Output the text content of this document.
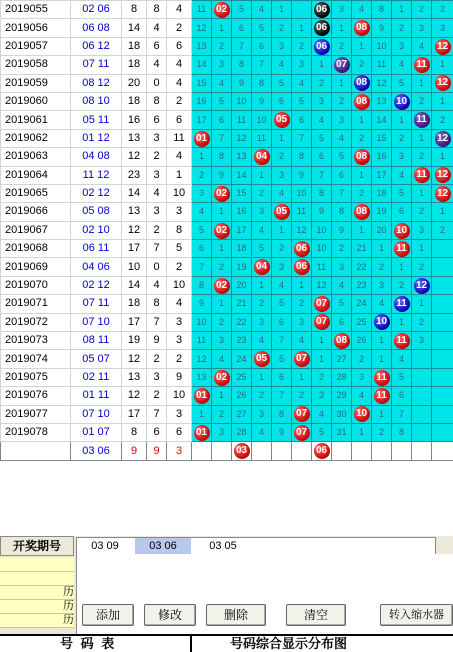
2019055	02 06	8	8	4	11	02	5	4	1		06	3	4	8	1	2	2
2019056	06 08	14	4	2	12	1	6	5	2	1	06	1	08	9	2	3	3
2019057	06 12	18	6	6	13	2	7	6	3	2	06	2	1	10	3	4	12
2019058	07 11	18	4	4	14	3	8	7	4	3	1	07	2	11	4	11	1
2019059	08 12	20	0	4	15	4	9	8	5	4	2	1	08	12	5	1	12
2019060	08 10	18	8	2	16	5	10	9	6	5	3	2	08	13	10	2	1
2019061	05 11	16	6	6	17	6	11	10	05	6	4	3	1	14	1	11	2
2019062	01 12	13	3	11	01	7	12	11	1	7	5	4	2	15	2	1	12
2019063	04 08	12	2	4	1	8	13	04	2	8	6	5	08	16	3	2	1
2019064	11 12	23	3	1	2	9	14	1	3	9	7	6	1	17	4	11	12
2019065	02 12	14	4	10	3	02	15	2	4	10	8	7	2	18	5	1	12
2019066	05 08	13	3	3	4	1	16	3	05	11	9	8	08	19	6	2	1
2019067	02 10	12	2	8	5	02	17	4	1	12	10	9	1	20	10	3	2
2019068	06 11	17	7	5	6	1	18	5	2	06	10	2	21	1	11	1	
2019069	04 06	10	0	2	7	2	19	04	3	06	11	3	22	2	1	2	
2019070	02 12	14	4	10	8	02	20	1	4	1	12	4	23	3	2	12	
2019071	07 11	18	8	4	9	1	21	2	5	2	07	5	24	4	11	1	
2019072	07 10	17	7	3	10	2	22	3	6	3	07	6	25	10	1	2	
2019073	08 11	19	9	3	11	3	23	4	7	4	1	08	26	1	11	3	
2019074	05 07	12	2	2	12	4	24	05	5	07	1	27	2	1	4		
2019075	02 11	13	3	9	13	02	25	1	6	1	2	28	3	11	5		
2019076	01 11	12	2	10	01	1	26	2	7	2	3	29	4	11	6		
2019077	07 10	17	7	3	1	2	27	3	8	07	4	30	10	1	7		
2019078	01 07	8	6	6	01	3	28	4	9	07	5	31	1	2	8		
	03 06	9	9	3			03				06						
开奖期号
历
历
历
03 09	03 06	03 05
添加	修改	删除	清空	转入缩水器
号 码 表	号码综合显示分布图
